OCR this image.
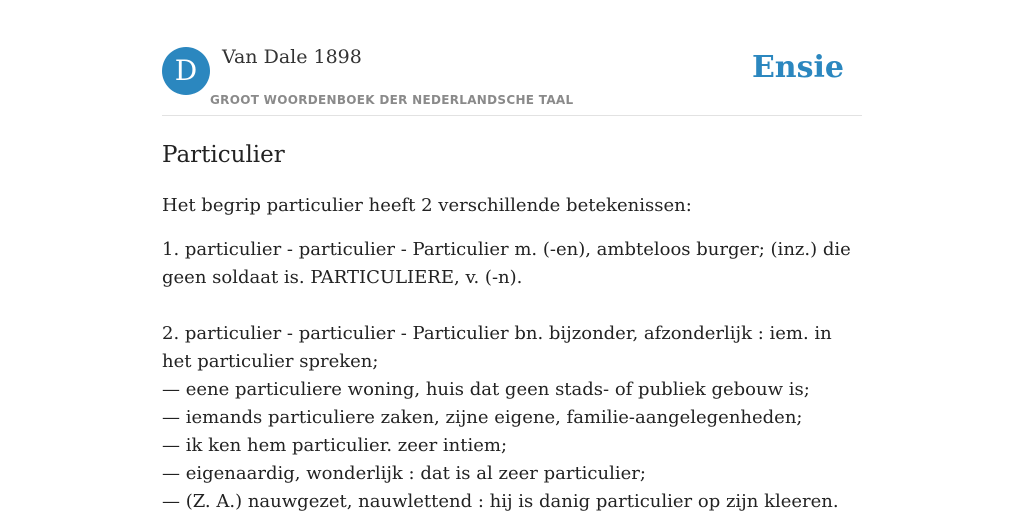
D	Van Dale 1898
GROOT WOORDENBOEK DER NEDERLANDSCHE TAAL
Ensie
Particulier

Het begrip particulier heeft 2 verschillende betekenissen:

1. particulier - particulier - Particulier m. (-en), ambteloos burger; (inz.) die geen soldaat is. PARTICULIERE, v. (-n).

2. particulier - particulier - Particulier bn. bijzonder, afzonderlijk : iem. in het particulier spreken;

— eene particuliere woning, huis dat geen stads- of publiek gebouw is;

— iemands particuliere zaken, zijne eigene, familie-aangelegenheden;

— ik ken hem particulier. zeer intiem;

— eigenaardig, wonderlijk : dat is al zeer particulier;

— (Z. A.) nauwgezet, nauwlettend : hij is danig particulier op zijn kleeren.
